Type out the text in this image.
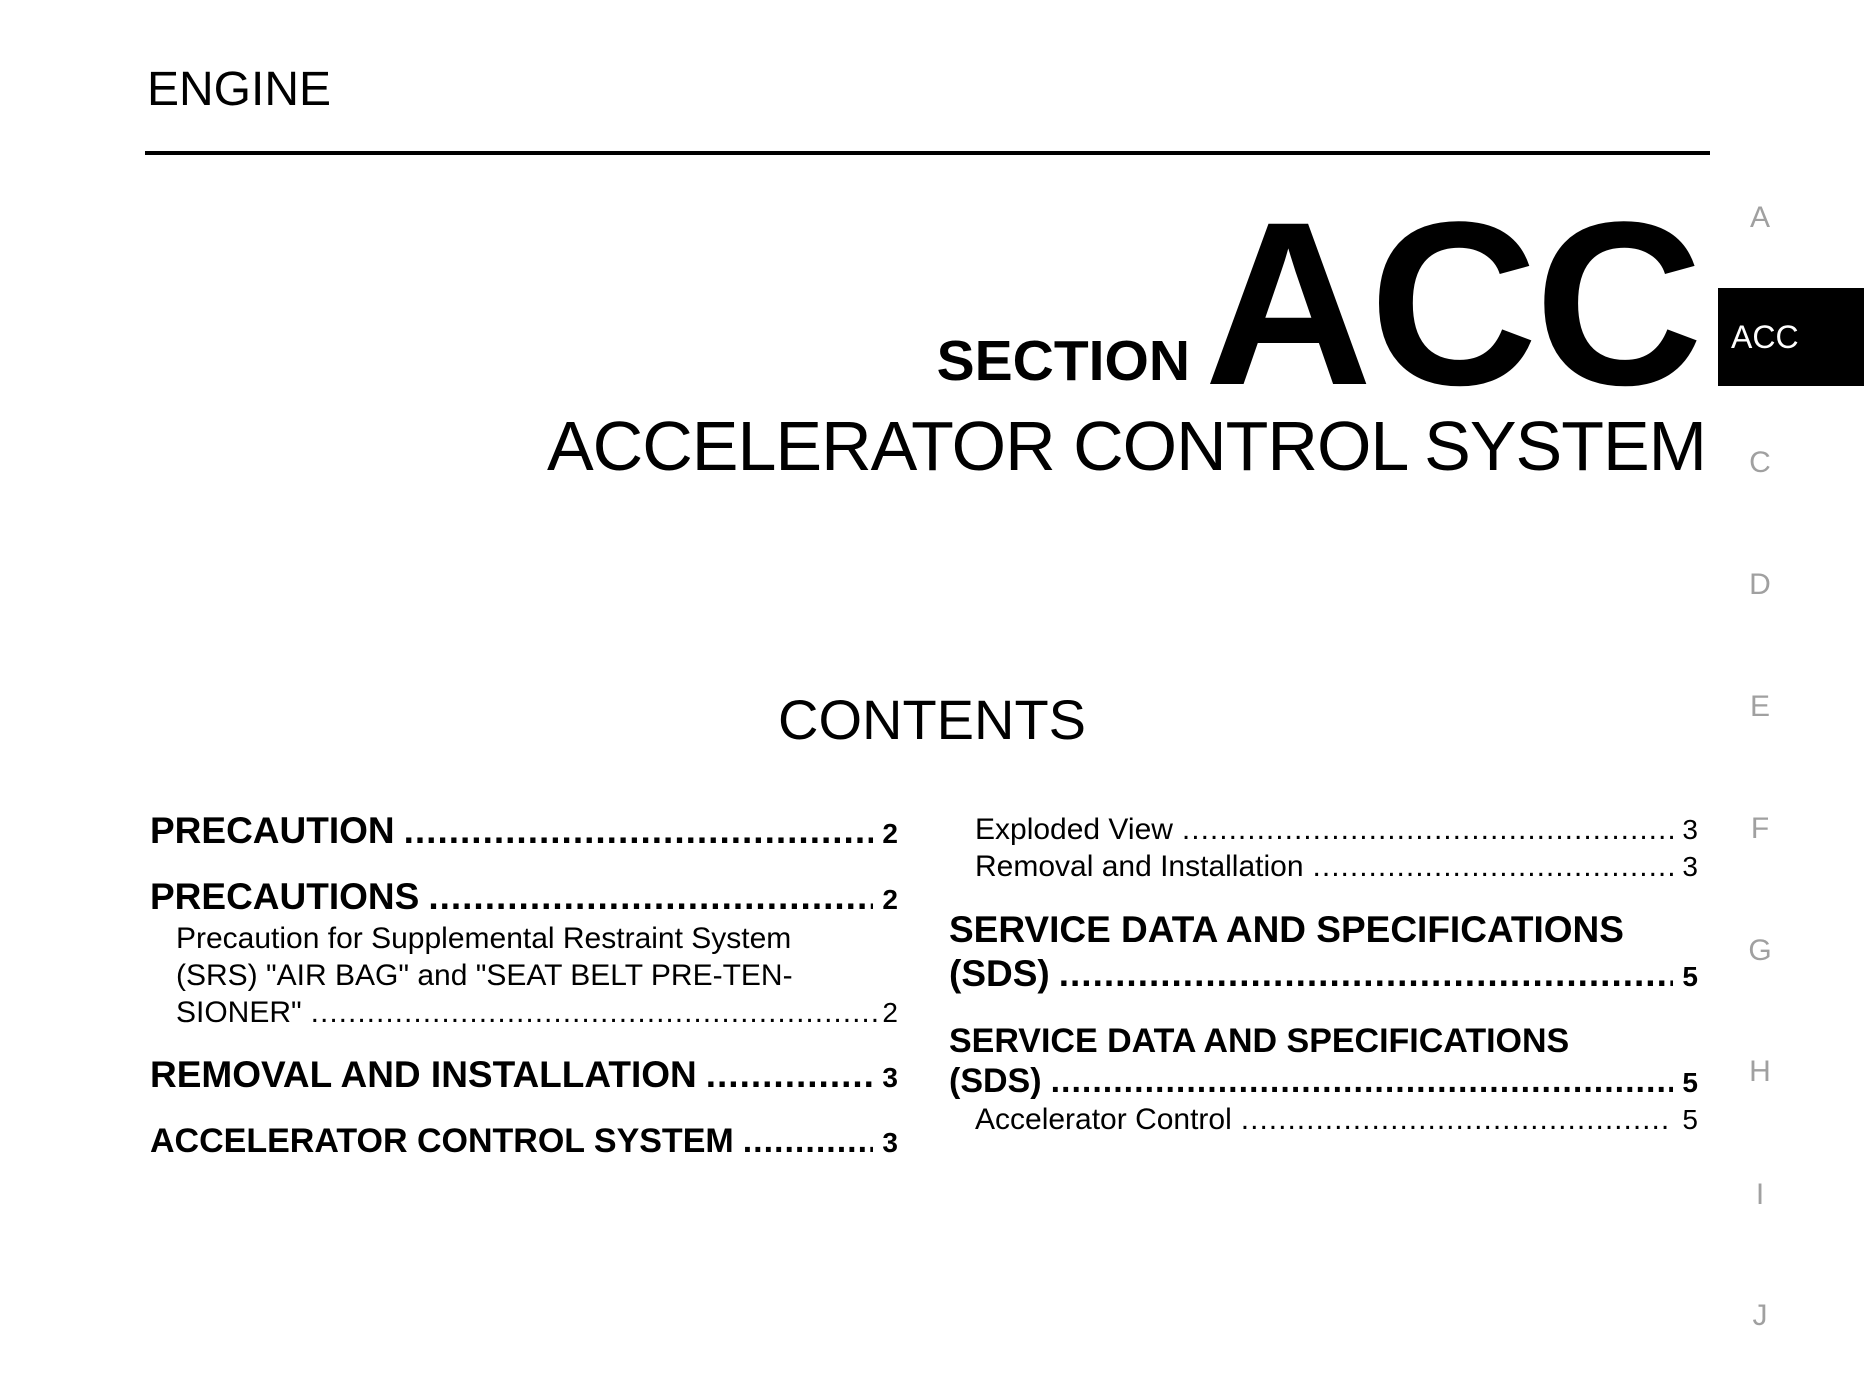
ENGINE
SECTION ACC
ACCELERATOR CONTROL SYSTEM
CONTENTS
PRECAUTION .....	2
PRECAUTIONS .....	2
Precaution for Supplemental Restraint System
(SRS) "AIR BAG" and "SEAT BELT PRE-TEN-
SIONER" .....	2
REMOVAL AND INSTALLATION .....	3
ACCELERATOR CONTROL SYSTEM .....	3
Exploded View .....	3
Removal and Installation .....	3
SERVICE DATA AND SPECIFICATIONS
(SDS) .....	5
SERVICE DATA AND SPECIFICATIONS
(SDS) .....	5
Accelerator Control .....	5
A
ACC
C
D
E
F
G
H
I
J
